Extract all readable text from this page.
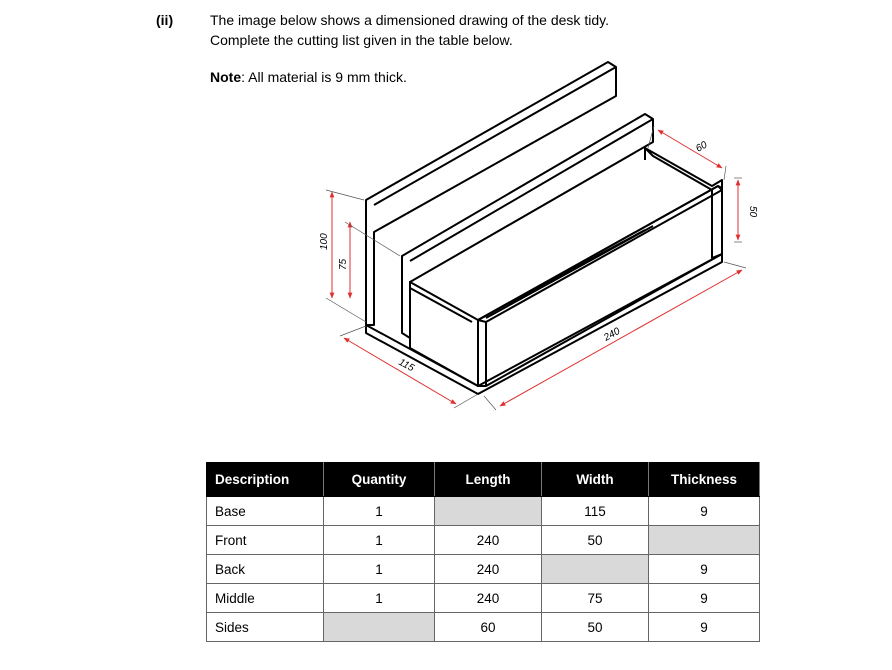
(ii)	The image below shows a dimensioned drawing of the desk tidy.
Complete the cutting list given in the table below.
Note: All material is 9 mm thick.
100
75
115
240
60
50
Description	Quantity	Length	Width	Thickness
Base	1		115	9
Front	1	240	50	
Back	1	240		9
Middle	1	240	75	9
Sides		60	50	9
